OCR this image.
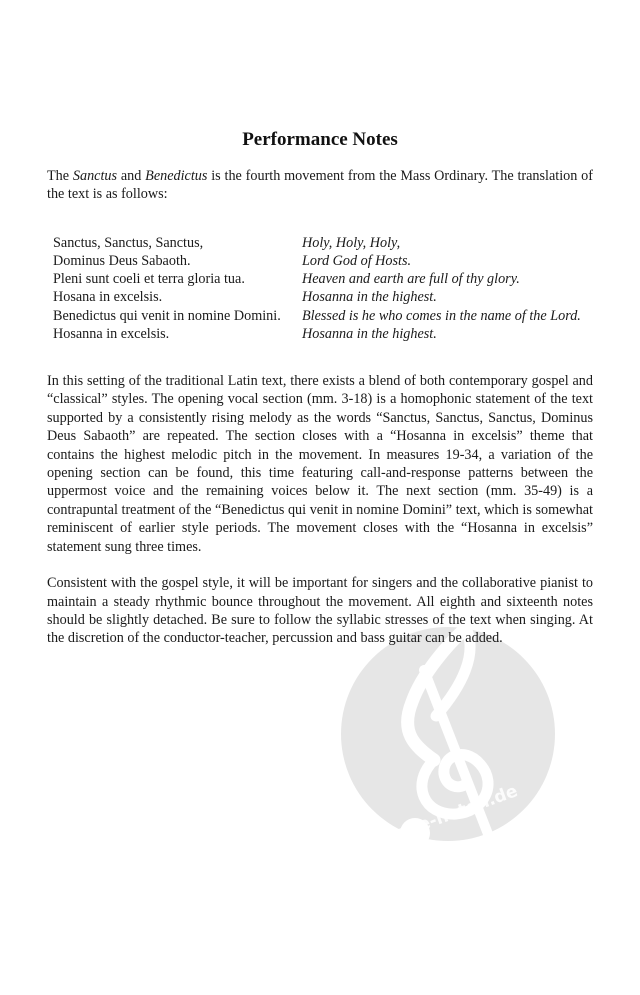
alle-noten.de
Performance Notes

The Sanctus and Benedictus is the fourth movement from the Mass Ordinary. The translation of the text is as follows:

Sanctus, Sanctus, Sanctus,	Holy, Holy, Holy,
Dominus Deus Sabaoth.	Lord God of Hosts.
Pleni sunt coeli et terra gloria tua.	Heaven and earth are full of thy glory.
Hosana in excelsis.	Hosanna in the highest.
Benedictus qui venit in nomine Domini.	Blessed is he who comes in the name of the Lord.
Hosanna in excelsis.	Hosanna in the highest.

In this setting of the traditional Latin text, there exists a blend of both contemporary gospel and “classical” styles. The opening vocal section (mm. 3-18) is a homophonic statement of the text supported by a consistently rising melody as the words “Sanctus, Sanctus, Sanctus, Dominus Deus Sabaoth” are repeated. The section closes with a “Hosanna in excelsis” theme that contains the highest melodic pitch in the movement. In measures 19-34, a variation of the opening section can be found, this time featuring call-and-response patterns between the uppermost voice and the remaining voices below it. The next section (mm. 35-49) is a contrapuntal treatment of the “Benedictus qui venit in nomine Domini” text, which is somewhat reminiscent of earlier style periods. The movement closes with the “Hosanna in excelsis” statement sung three times.

Consistent with the gospel style, it will be important for singers and the collaborative pianist to maintain a steady rhythmic bounce throughout the movement. All eighth and sixteenth notes should be slightly detached. Be sure to follow the syllabic stresses of the text when singing. At the discretion of the conductor-teacher, percussion and bass guitar can be added.
